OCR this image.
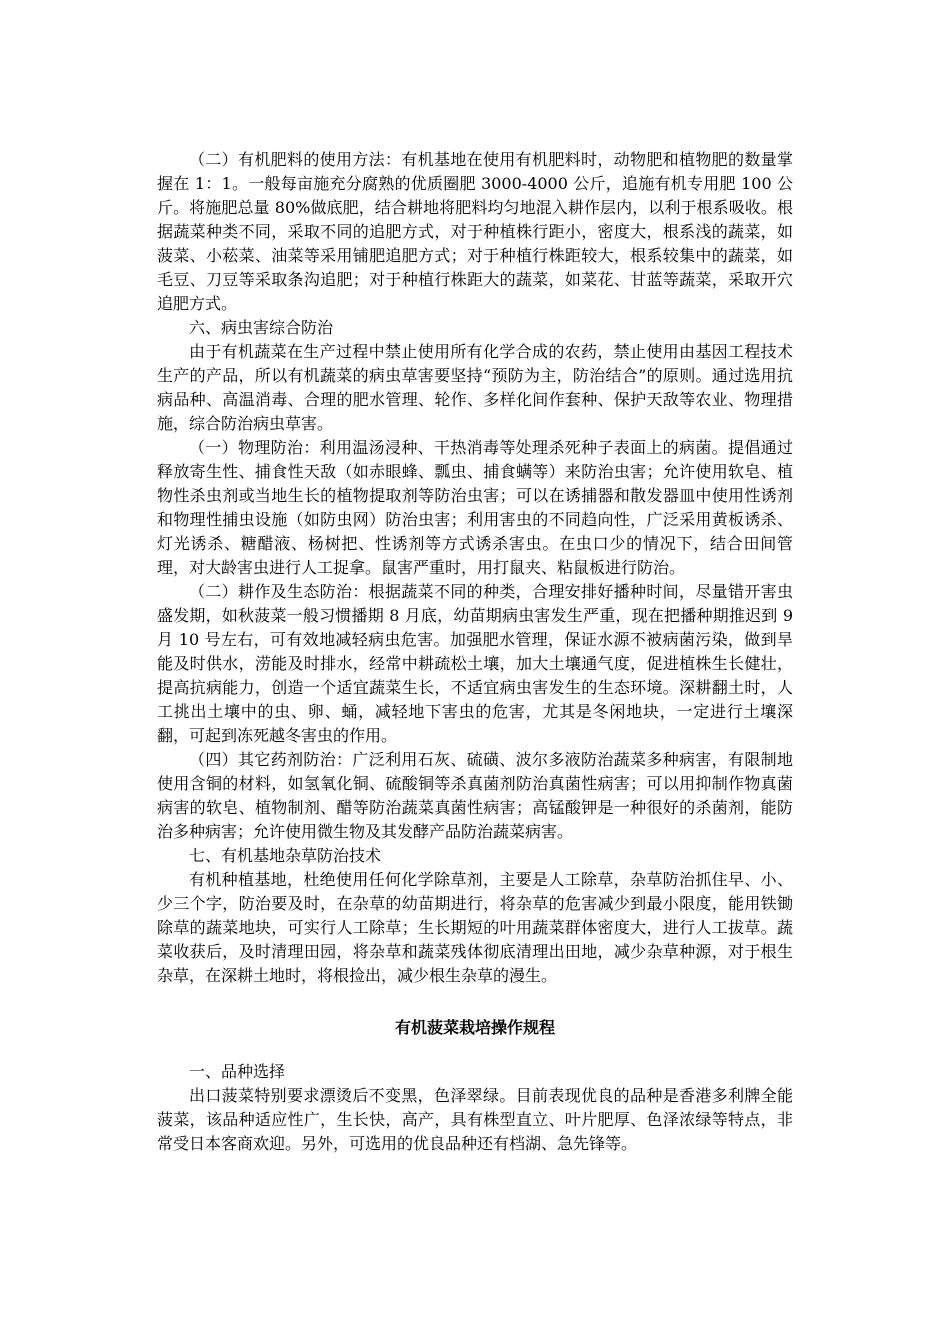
（二）有机肥料的使用方法：有机基地在使用有机肥料时，动物肥和植物肥的数量掌握在 1：1。一般每亩施充分腐熟的优质圈肥 3000-4000 公斤，追施有机专用肥 100 公斤。将施肥总量 80%做底肥，结合耕地将肥料均匀地混入耕作层内，以利于根系吸收。根据蔬菜种类不同，采取不同的追肥方式，对于种植株行距小，密度大，根系浅的蔬菜，如菠菜、小菘菜、油菜等采用铺肥追肥方式；对于种植行株距较大，根系较集中的蔬菜，如毛豆、刀豆等采取条沟追肥；对于种植行株距大的蔬菜，如菜花、甘蓝等蔬菜，采取开穴追肥方式。

六、病虫害综合防治

由于有机蔬菜在生产过程中禁止使用所有化学合成的农药，禁止使用由基因工程技术生产的产品，所以有机蔬菜的病虫草害要坚持“预防为主，防治结合”的原则。通过选用抗病品种、高温消毒、合理的肥水管理、轮作、多样化间作套种、保护天敌等农业、物理措施，综合防治病虫草害。

（一）物理防治：利用温汤浸种、干热消毒等处理杀死种子表面上的病菌。提倡通过释放寄生性、捕食性天敌（如赤眼蜂、瓢虫、捕食螨等）来防治虫害；允许使用软皂、植物性杀虫剂或当地生长的植物提取剂等防治虫害；可以在诱捕器和散发器皿中使用性诱剂和物理性捕虫设施（如防虫网）防治虫害；利用害虫的不同趋向性，广泛采用黄板诱杀、灯光诱杀、糖醋液、杨树把、性诱剂等方式诱杀害虫。在虫口少的情况下，结合田间管理，对大龄害虫进行人工捉拿。鼠害严重时，用打鼠夹、粘鼠板进行防治。

（二）耕作及生态防治：根据蔬菜不同的种类，合理安排好播种时间，尽量错开害虫盛发期，如秋菠菜一般习惯播期 8 月底，幼苗期病虫害发生严重，现在把播种期推迟到 9 月 10 号左右，可有效地减轻病虫危害。加强肥水管理，保证水源不被病菌污染，做到旱能及时供水，涝能及时排水，经常中耕疏松土壤，加大土壤通气度，促进植株生长健壮，提高抗病能力，创造一个适宜蔬菜生长，不适宜病虫害发生的生态环境。深耕翻土时，人工挑出土壤中的虫、卵、蛹，减轻地下害虫的危害，尤其是冬闲地块，一定进行土壤深翻，可起到冻死越冬害虫的作用。

（四）其它药剂防治：广泛利用石灰、硫磺、波尔多液防治蔬菜多种病害，有限制地使用含铜的材料，如氢氧化铜、硫酸铜等杀真菌剂防治真菌性病害；可以用抑制作物真菌病害的软皂、植物制剂、醋等防治蔬菜真菌性病害；高锰酸钾是一种很好的杀菌剂，能防治多种病害；允许使用微生物及其发酵产品防治蔬菜病害。

七、有机基地杂草防治技术

有机种植基地，杜绝使用任何化学除草剂，主要是人工除草，杂草防治抓住早、小、少三个字，防治要及时，在杂草的幼苗期进行，将杂草的危害减少到最小限度，能用铁锄除草的蔬菜地块，可实行人工除草；生长期短的叶用蔬菜群体密度大，进行人工拔草。蔬菜收获后，及时清理田园，将杂草和蔬菜残体彻底清理出田地，减少杂草种源，对于根生杂草，在深耕土地时，将根捡出，减少根生杂草的漫生。

有机菠菜栽培操作规程

一、品种选择

出口菠菜特别要求漂烫后不变黑，色泽翠绿。目前表现优良的品种是香港多利牌全能菠菜，该品种适应性广，生长快，高产，具有株型直立、叶片肥厚、色泽浓绿等特点，非常受日本客商欢迎。另外，可选用的优良品种还有档湖、急先锋等。
